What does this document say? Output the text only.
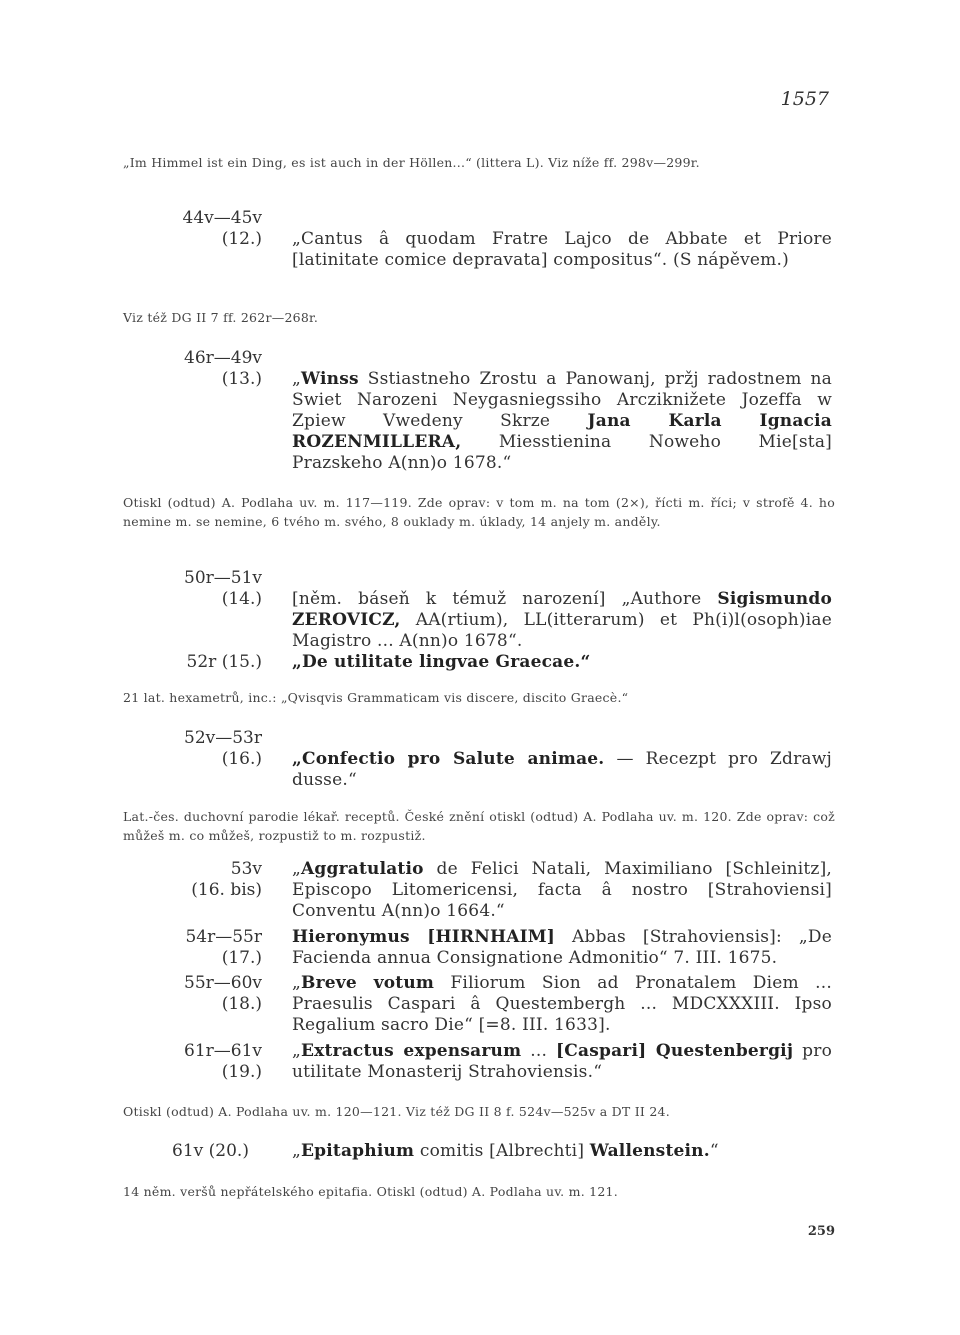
1557
„Im Himmel ist ein Ding, es ist auch in der Höllen...“ (littera L). Viz níže ff. 298v—299r.
44v—45v
(12.) „Cantus â quodam Fratre Lajco de Abbate et Priore [latinitate comice depravata] compositus“. (S nápěvem.)
Viz též DG II 7 ff. 262r—268r.
46r—49v
(13.) „Winss Sstiastneho Zrostu a Panowanj, pržj radostnem na Swiet Narozeni Neygasniegssiho Arcziknižete Jozeffa w Zpiew Vwedeny Skrze Jana Karla Ignacia ROZENMILLERA, Miesstienina Noweho Mie[sta] Prazskeho A(nn)o 1678.“
Otiskl (odtud) A. Podlaha uv. m. 117—119. Zde oprav: v tom m. na tom (2×), řícti m. říci; v strofě 4. ho nemine m. se nemine, 6 tvého m. svého, 8 ouklady m. úklady, 14 anjely m. anděly.
50r—51v
(14.) [něm. báseň k témuž narození] „Authore Sigismundo ZEROVICZ, AA(rtium), LL(itterarum) et Ph(i)l(osoph)iae Magistro ... A(nn)o 1678“.
52r (15.) „De utilitate lingvae Graecae.“
21 lat. hexametrů, inc.: „Qvisqvis Grammaticam vis discere, discito Graecè.“
52v—53r
(16.) „Confectio pro Salute animae. — Recezpt pro Zdrawj dusse.“
Lat.-čes. duchovní parodie lékař. receptů. České znění otiskl (odtud) A. Podlaha uv. m. 120. Zde oprav: což můžeš m. co můžeš, rozpustiž to m. rozpustiž.
53v
(16. bis)
„Aggratulatio de Felici Natali, Maximiliano [Schleinitz], Episcopo Litomericensi, facta â nostro [Strahoviensi] Conventu A(nn)o 1664.“
54r—55r
(17.)
Hieronymus [HIRNHAIM] Abbas [Strahoviensis]: „De Facienda annua Consignatione Admonitio“ 7. III. 1675.
55r—60v
(18.)
„Breve votum Filiorum Sion ad Pronatalem Diem ... Praesulis Caspari â Questembergh ... MDCXXXIII. Ipso Regalium sacro Die“ [=8. III. 1633].
61r—61v
(19.)
„Extractus expensarum ... [Caspari] Questenbergij pro utilitate Monasterij Strahoviensis.“
Otiskl (odtud) A. Podlaha uv. m. 120—121. Viz též DG II 8 f. 524v—525v a DT II 24.
61v (20.)	„Epitaphium comitis [Albrechti] Wallenstein.“
14 něm. veršů nepřátelského epitafia. Otiskl (odtud) A. Podlaha uv. m. 121.
259
